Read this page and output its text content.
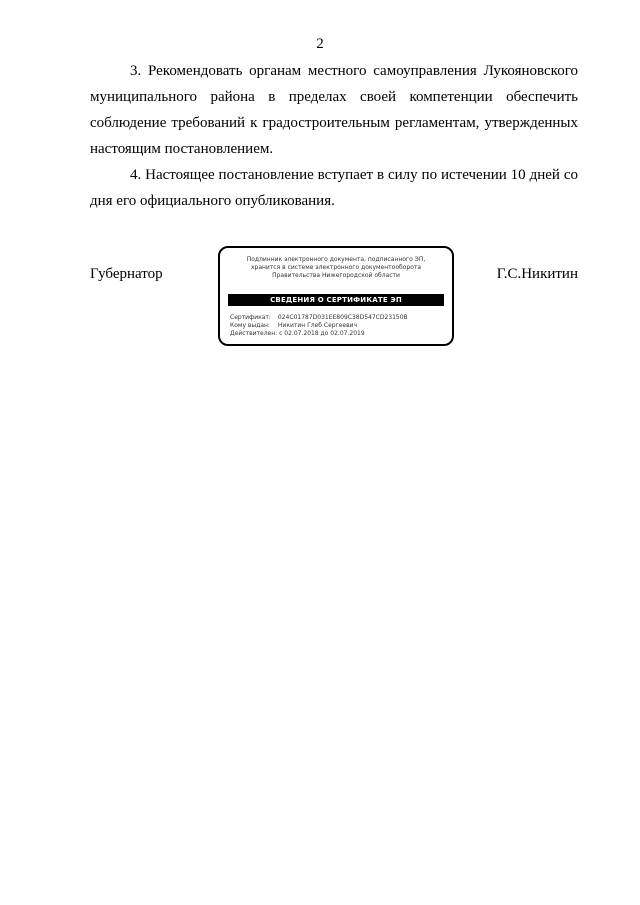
2

3. Рекомендовать органам местного самоуправления Лукояновского муниципального района в пределах своей компетенции обеспечить соблюдение требований к градостроительным регламентам, утвержденных настоящим постановлением.

4. Настоящее постановление вступает в силу по истечении 10 дней со дня его официального опубликования.

Губернатор
Подлинник электронного документа, подписанного ЭП,
хранится в системе электронного документооборота
Правительства Нижегородской области
СВЕДЕНИЯ О СЕРТИФИКАТЕ ЭП
Сертификат: 024C01787D031EE809C38D547CD23150B
Кому выдан: Никитин Глеб Сергеевич
Действителен: с 02.07.2018 до 02.07.2019
Г.С.Никитин
